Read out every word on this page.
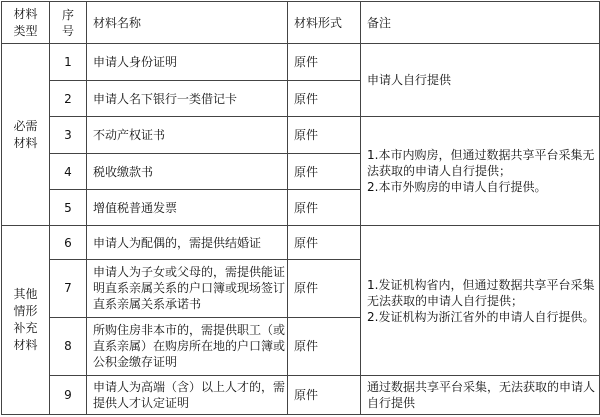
材料类型	序号	材料名称	材料形式	备注
必需材料	1	申请人身份证明	原件	申请人自行提供

	2	申请人名下银行一类借记卡	原件	
	3	不动产权证书	原件	1.本市内购房，但通过数据共享平台采集无法获取的申请人自行提供；
2.本市外购房的申请人自行提供。

	4	税收缴款书	原件	
	5	增值税普通发票	原件	
其他情形补充材料	6	申请人为配偶的，需提供结婚证	原件	1.发证机构省内，但通过数据共享平台采集无法获取的申请人自行提供；
2.发证机构为浙江省外的申请人自行提供。

	7	申请人为子女或父母的，需提供能证明直系亲属关系的户口簿或现场签订直系亲属关系承诺书	原件	
	8	所购住房非本市的，需提供职工（或直系亲属）在购房所在地的户口簿或公积金缴存证明	原件	
	9	申请人为高端（含）以上人才的，需提供人才认定证明	原件	通过数据共享平台采集，无法获取的申请人自行提供
